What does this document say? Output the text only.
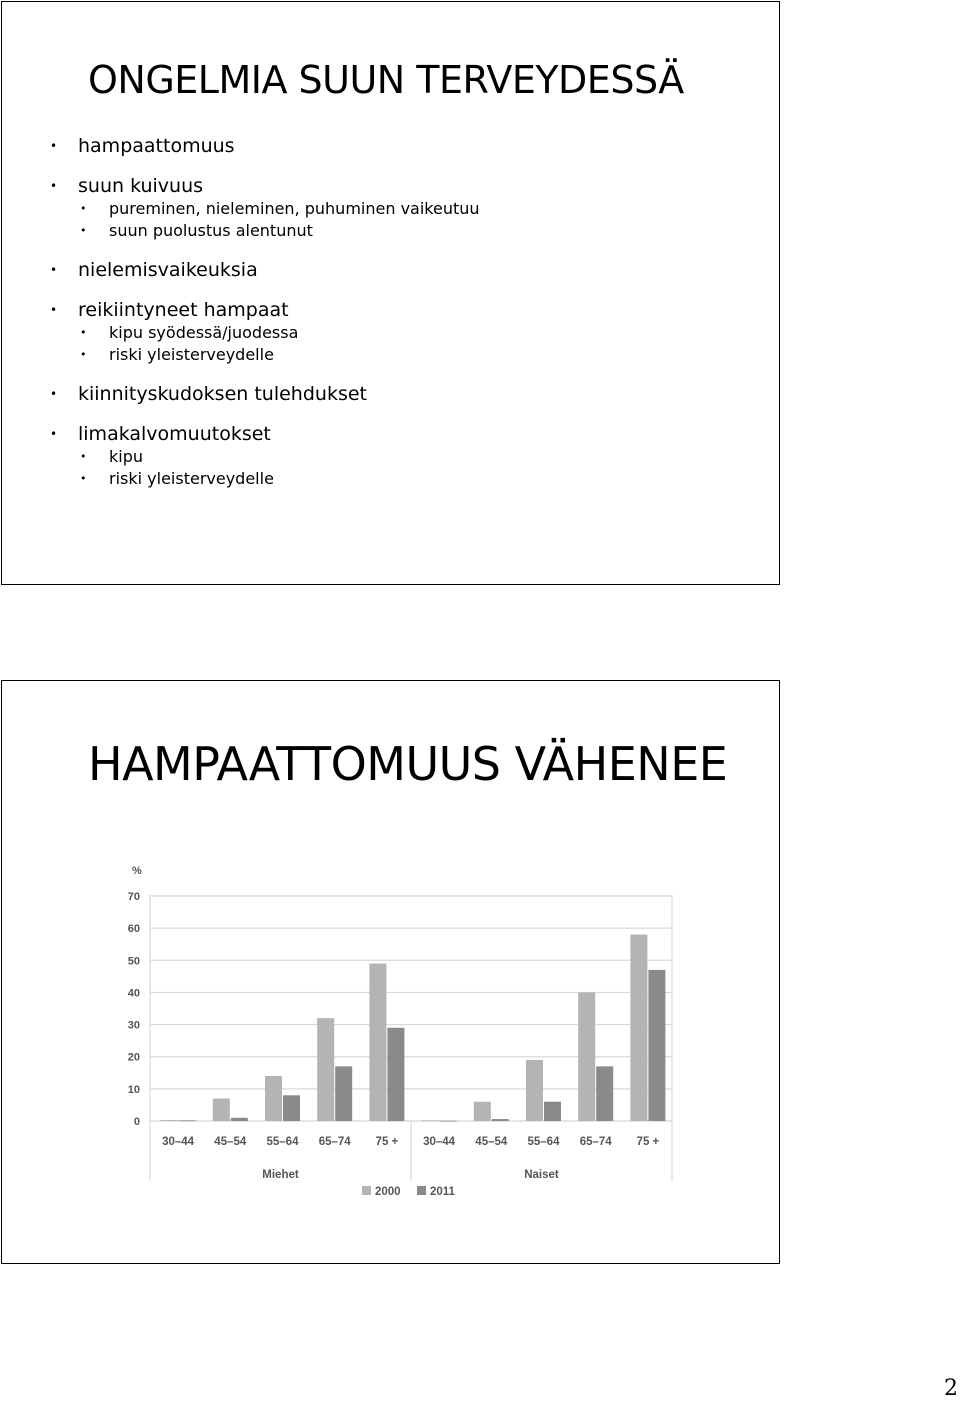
ONGELMIA SUUN TERVEYDESSÄ
• hampaattomuus
• suun kuivuus
• pureminen, nieleminen, puhuminen vaikeutuu
• suun puolustus alentunut
• nielemisvaikeuksia
• reikiintyneet hampaat
• kipu syödessä/juodessa
• riski yleisterveydelle
• kiinnityskudoksen tulehdukset
• limakalvomuutokset
• kipu
• riski yleisterveydelle
HAMPAATTOMUUS VÄHENEE
0
10
20
30
40
50
60
70
%
30–44 45–54 55–64 65–74 75 + 30–44 45–54 55–64 65–74 75 +
Miehet	Naiset
2000	2011
2
